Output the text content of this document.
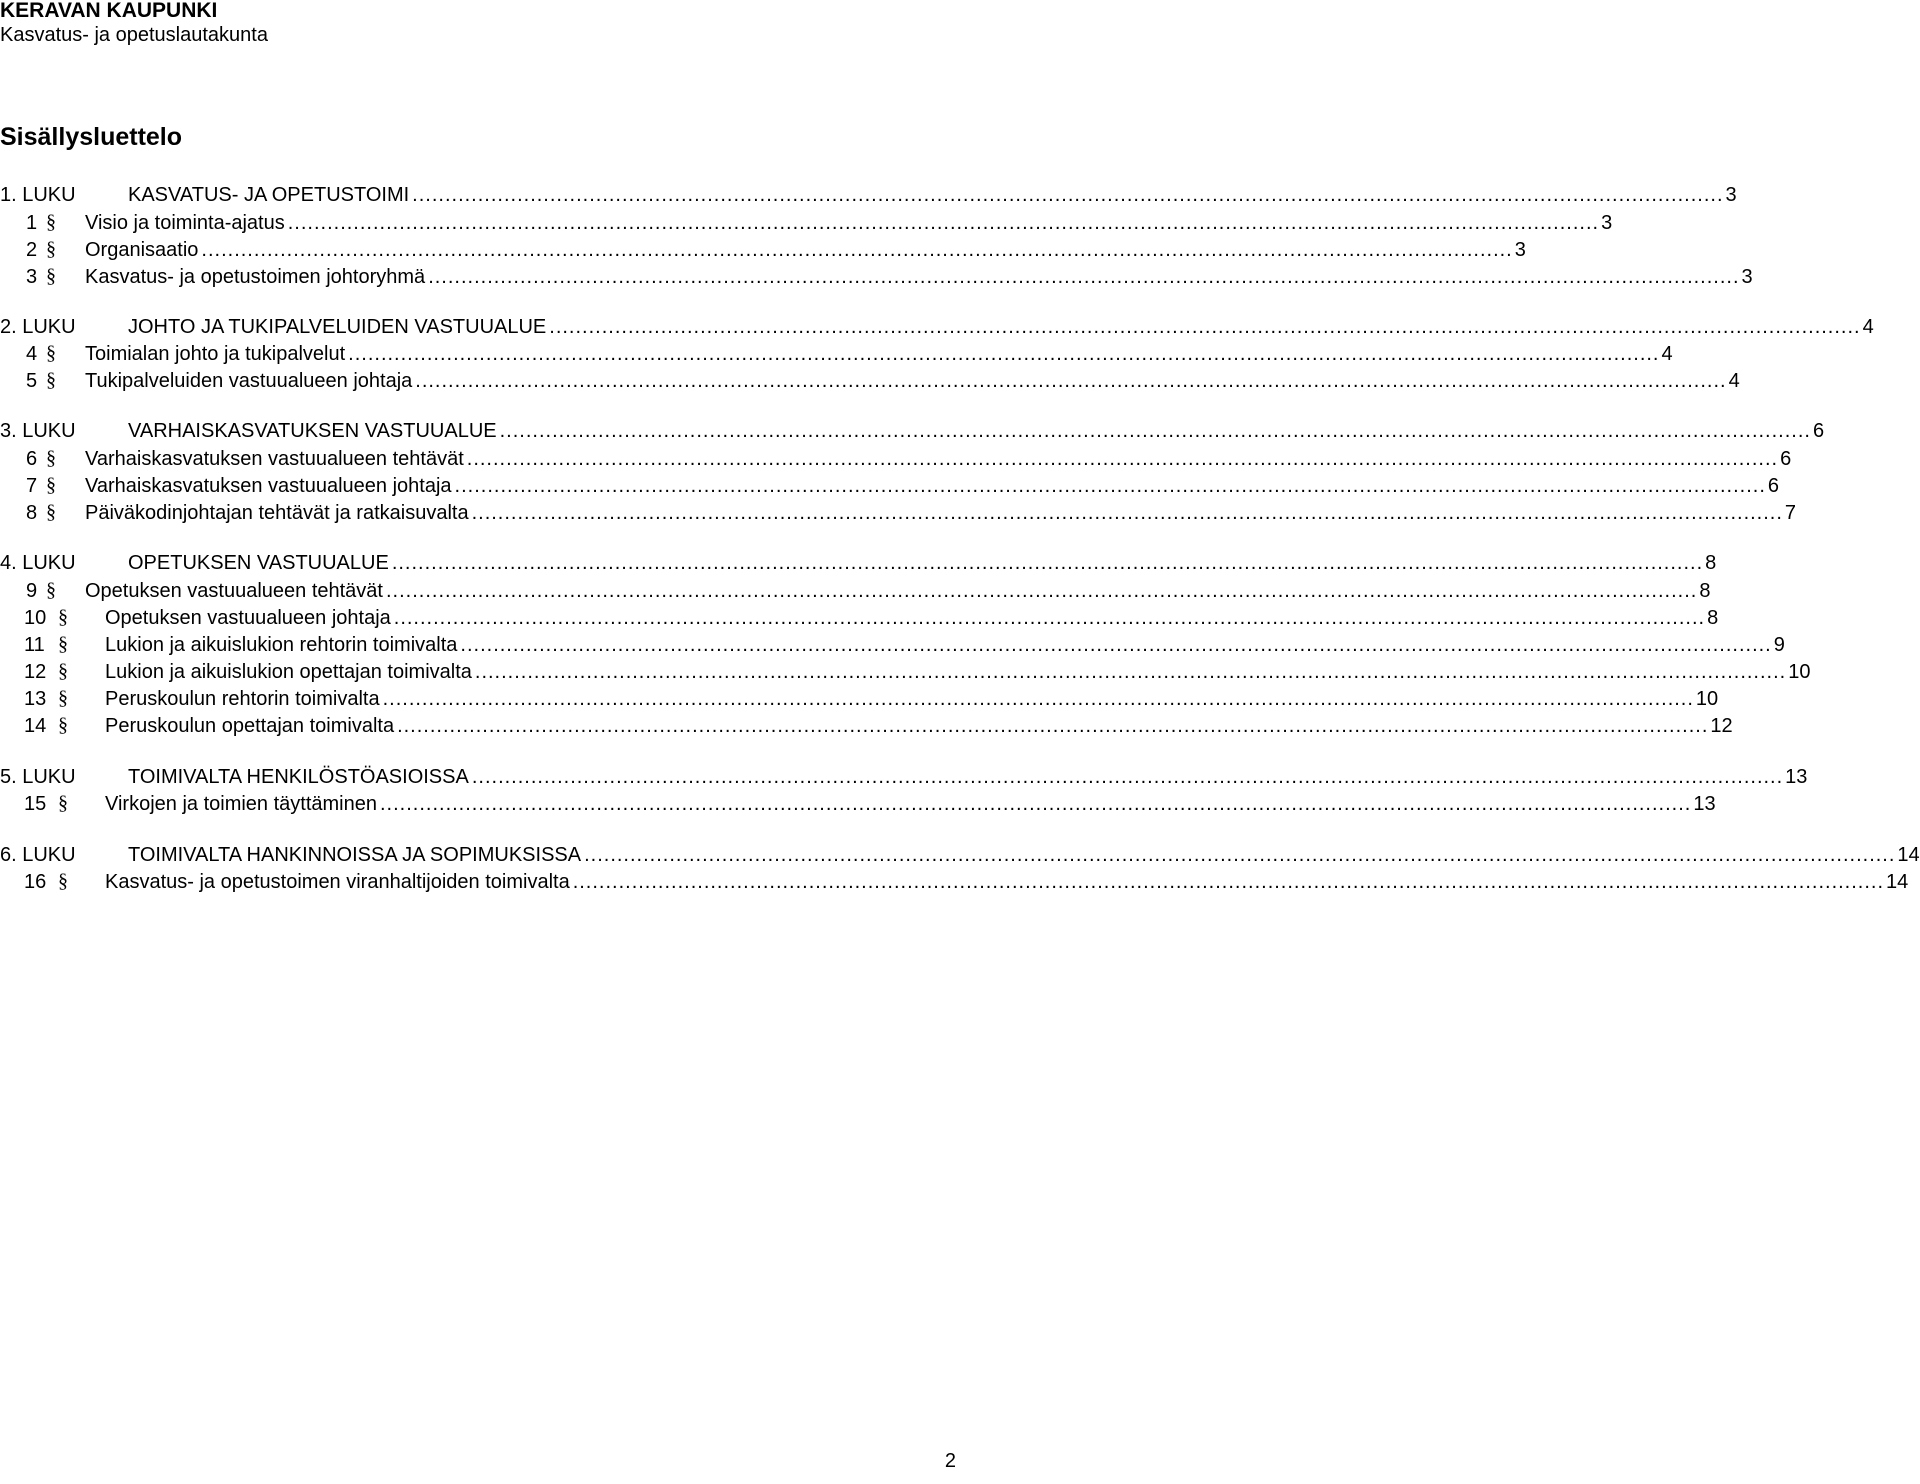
KERAVAN KAUPUNKI

Kasvatus- ja opetuslautakunta

Sisällysluettelo
1. LUKU	KASVATUS- JA OPETUSTOIMI ........................................................................................................................................................................................................ 3
1 § Visio ja toiminta-ajatus ........................................................................................................................................................................................................ 3
2 § Organisaatio ........................................................................................................................................................................................................ 3
3 § Kasvatus- ja opetustoimen johtoryhmä ........................................................................................................................................................................................................ 3
2. LUKU	JOHTO JA TUKIPALVELUIDEN VASTUUALUE ........................................................................................................................................................................................................ 4
4 § Toimialan johto ja tukipalvelut ........................................................................................................................................................................................................ 4
5 § Tukipalveluiden vastuualueen johtaja ........................................................................................................................................................................................................ 4
3. LUKU	VARHAISKASVATUKSEN VASTUUALUE ........................................................................................................................................................................................................ 6
6 § Varhaiskasvatuksen vastuualueen tehtävät ........................................................................................................................................................................................................ 6
7 § Varhaiskasvatuksen vastuualueen johtaja ........................................................................................................................................................................................................ 6
8 § Päiväkodinjohtajan tehtävät ja ratkaisuvalta ........................................................................................................................................................................................................ 7
4. LUKU	OPETUKSEN VASTUUALUE ........................................................................................................................................................................................................ 8
9 § Opetuksen vastuualueen tehtävät ........................................................................................................................................................................................................ 8
10 § Opetuksen vastuualueen johtaja ........................................................................................................................................................................................................ 8
11 § Lukion ja aikuislukion rehtorin toimivalta ........................................................................................................................................................................................................ 9
12 § Lukion ja aikuislukion opettajan toimivalta ........................................................................................................................................................................................................ 10
13 § Peruskoulun rehtorin toimivalta ........................................................................................................................................................................................................ 10
14 § Peruskoulun opettajan toimivalta ........................................................................................................................................................................................................ 12
5. LUKU	TOIMIVALTA HENKILÖSTÖASIOISSA ........................................................................................................................................................................................................ 13
15 § Virkojen ja toimien täyttäminen ........................................................................................................................................................................................................ 13
6. LUKU	TOIMIVALTA HANKINNOISSA JA SOPIMUKSISSA ........................................................................................................................................................................................................ 14
16 § Kasvatus- ja opetustoimen viranhaltijoiden toimivalta ........................................................................................................................................................................................................ 14
2
